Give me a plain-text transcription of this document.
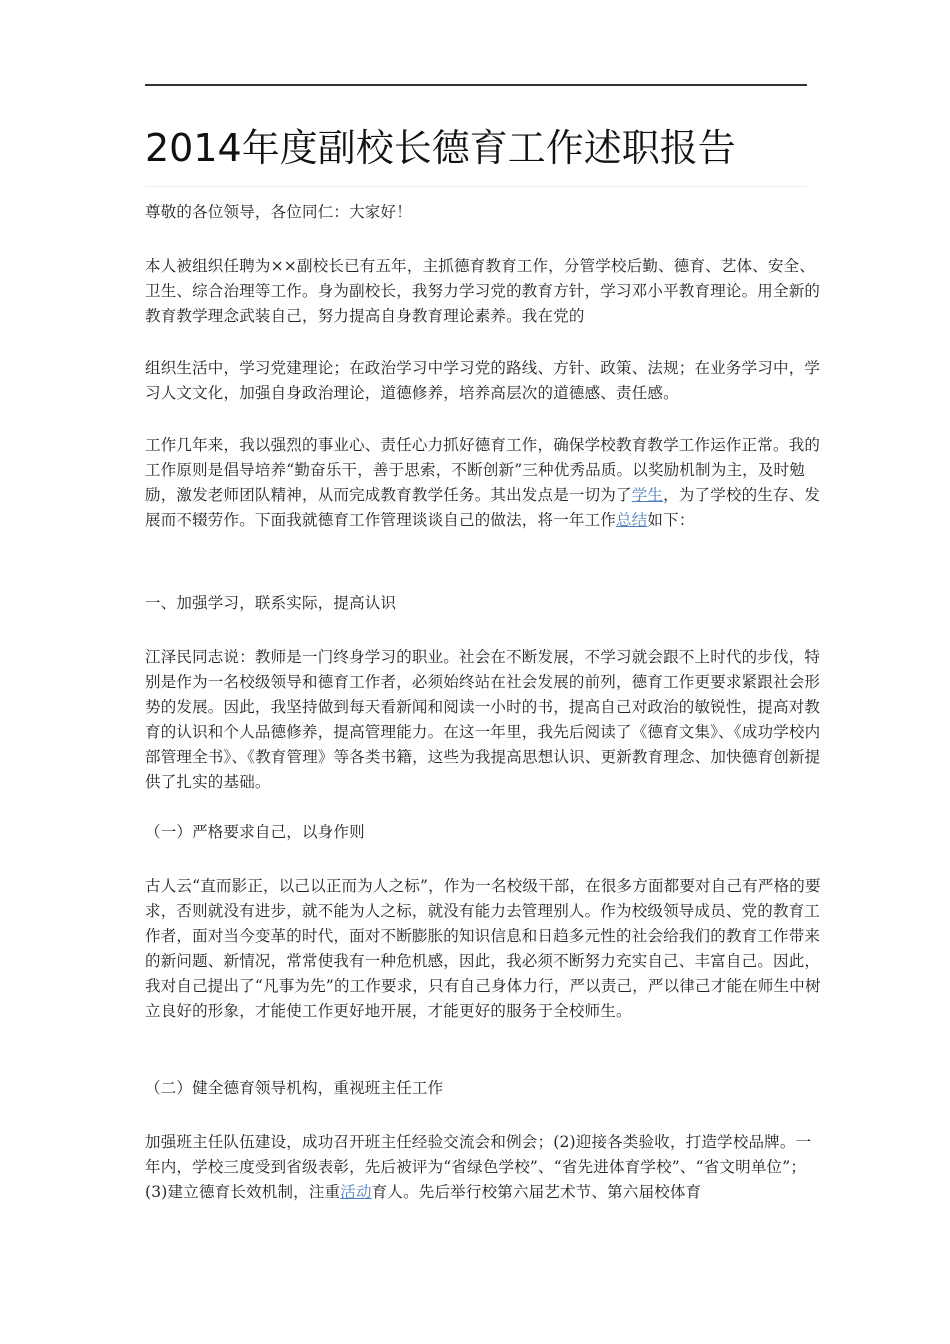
2014年度副校长德育工作述职报告

尊敬的各位领导，各位同仁：大家好！

本人被组织任聘为××副校长已有五年，主抓德育教育工作，分管学校后勤、德育、艺体、安全、卫生、综合治理等工作。身为副校长，我努力学习党的教育方针，学习邓小平教育理论。用全新的教育教学理念武装自己，努力提高自身教育理论素养。我在党的

组织生活中，学习党建理论；在政治学习中学习党的路线、方针、政策、法规；在业务学习中，学习人文文化，加强自身政治理论，道德修养，培养高层次的道德感、责任感。

工作几年来，我以强烈的事业心、责任心力抓好德育工作，确保学校教育教学工作运作正常。我的工作原则是倡导培养“勤奋乐干，善于思索，不断创新”三种优秀品质。以奖励机制为主，及时勉励，激发老师团队精神，从而完成教育教学任务。其出发点是一切为了学生，为了学校的生存、发展而不辍劳作。下面我就德育工作管理谈谈自己的做法，将一年工作总结如下：

一、加强学习，联系实际，提高认识

江泽民同志说：教师是一门终身学习的职业。社会在不断发展，不学习就会跟不上时代的步伐，特别是作为一名校级领导和德育工作者，必须始终站在社会发展的前列，德育工作更要求紧跟社会形势的发展。因此，我坚持做到每天看新闻和阅读一小时的书，提高自己对政治的敏锐性，提高对教育的认识和个人品德修养，提高管理能力。在这一年里，我先后阅读了《德育文集》、《成功学校内部管理全书》、《教育管理》等各类书籍，这些为我提高思想认识、更新教育理念、加快德育创新提供了扎实的基础。

（一）严格要求自己，以身作则

古人云“直而影正，以己以正而为人之标”，作为一名校级干部，在很多方面都要对自己有严格的要求，否则就没有进步，就不能为人之标，就没有能力去管理别人。作为校级领导成员、党的教育工作者，面对当今变革的时代，面对不断膨胀的知识信息和日趋多元性的社会给我们的教育工作带来的新问题、新情况，常常使我有一种危机感，因此，我必须不断努力充实自己、丰富自己。因此，我对自己提出了“凡事为先”的工作要求，只有自己身体力行，严以责己，严以律己才能在师生中树立良好的形象，才能使工作更好地开展，才能更好的服务于全校师生。

（二）健全德育领导机构，重视班主任工作

加强班主任队伍建设，成功召开班主任经验交流会和例会；(2)迎接各类验收，打造学校品牌。一年内，学校三度受到省级表彰，先后被评为“省绿色学校”、“省先进体育学校”、“省文明单位”；(3)建立德育长效机制，注重活动育人。先后举行校第六届艺术节、第六届校体育
